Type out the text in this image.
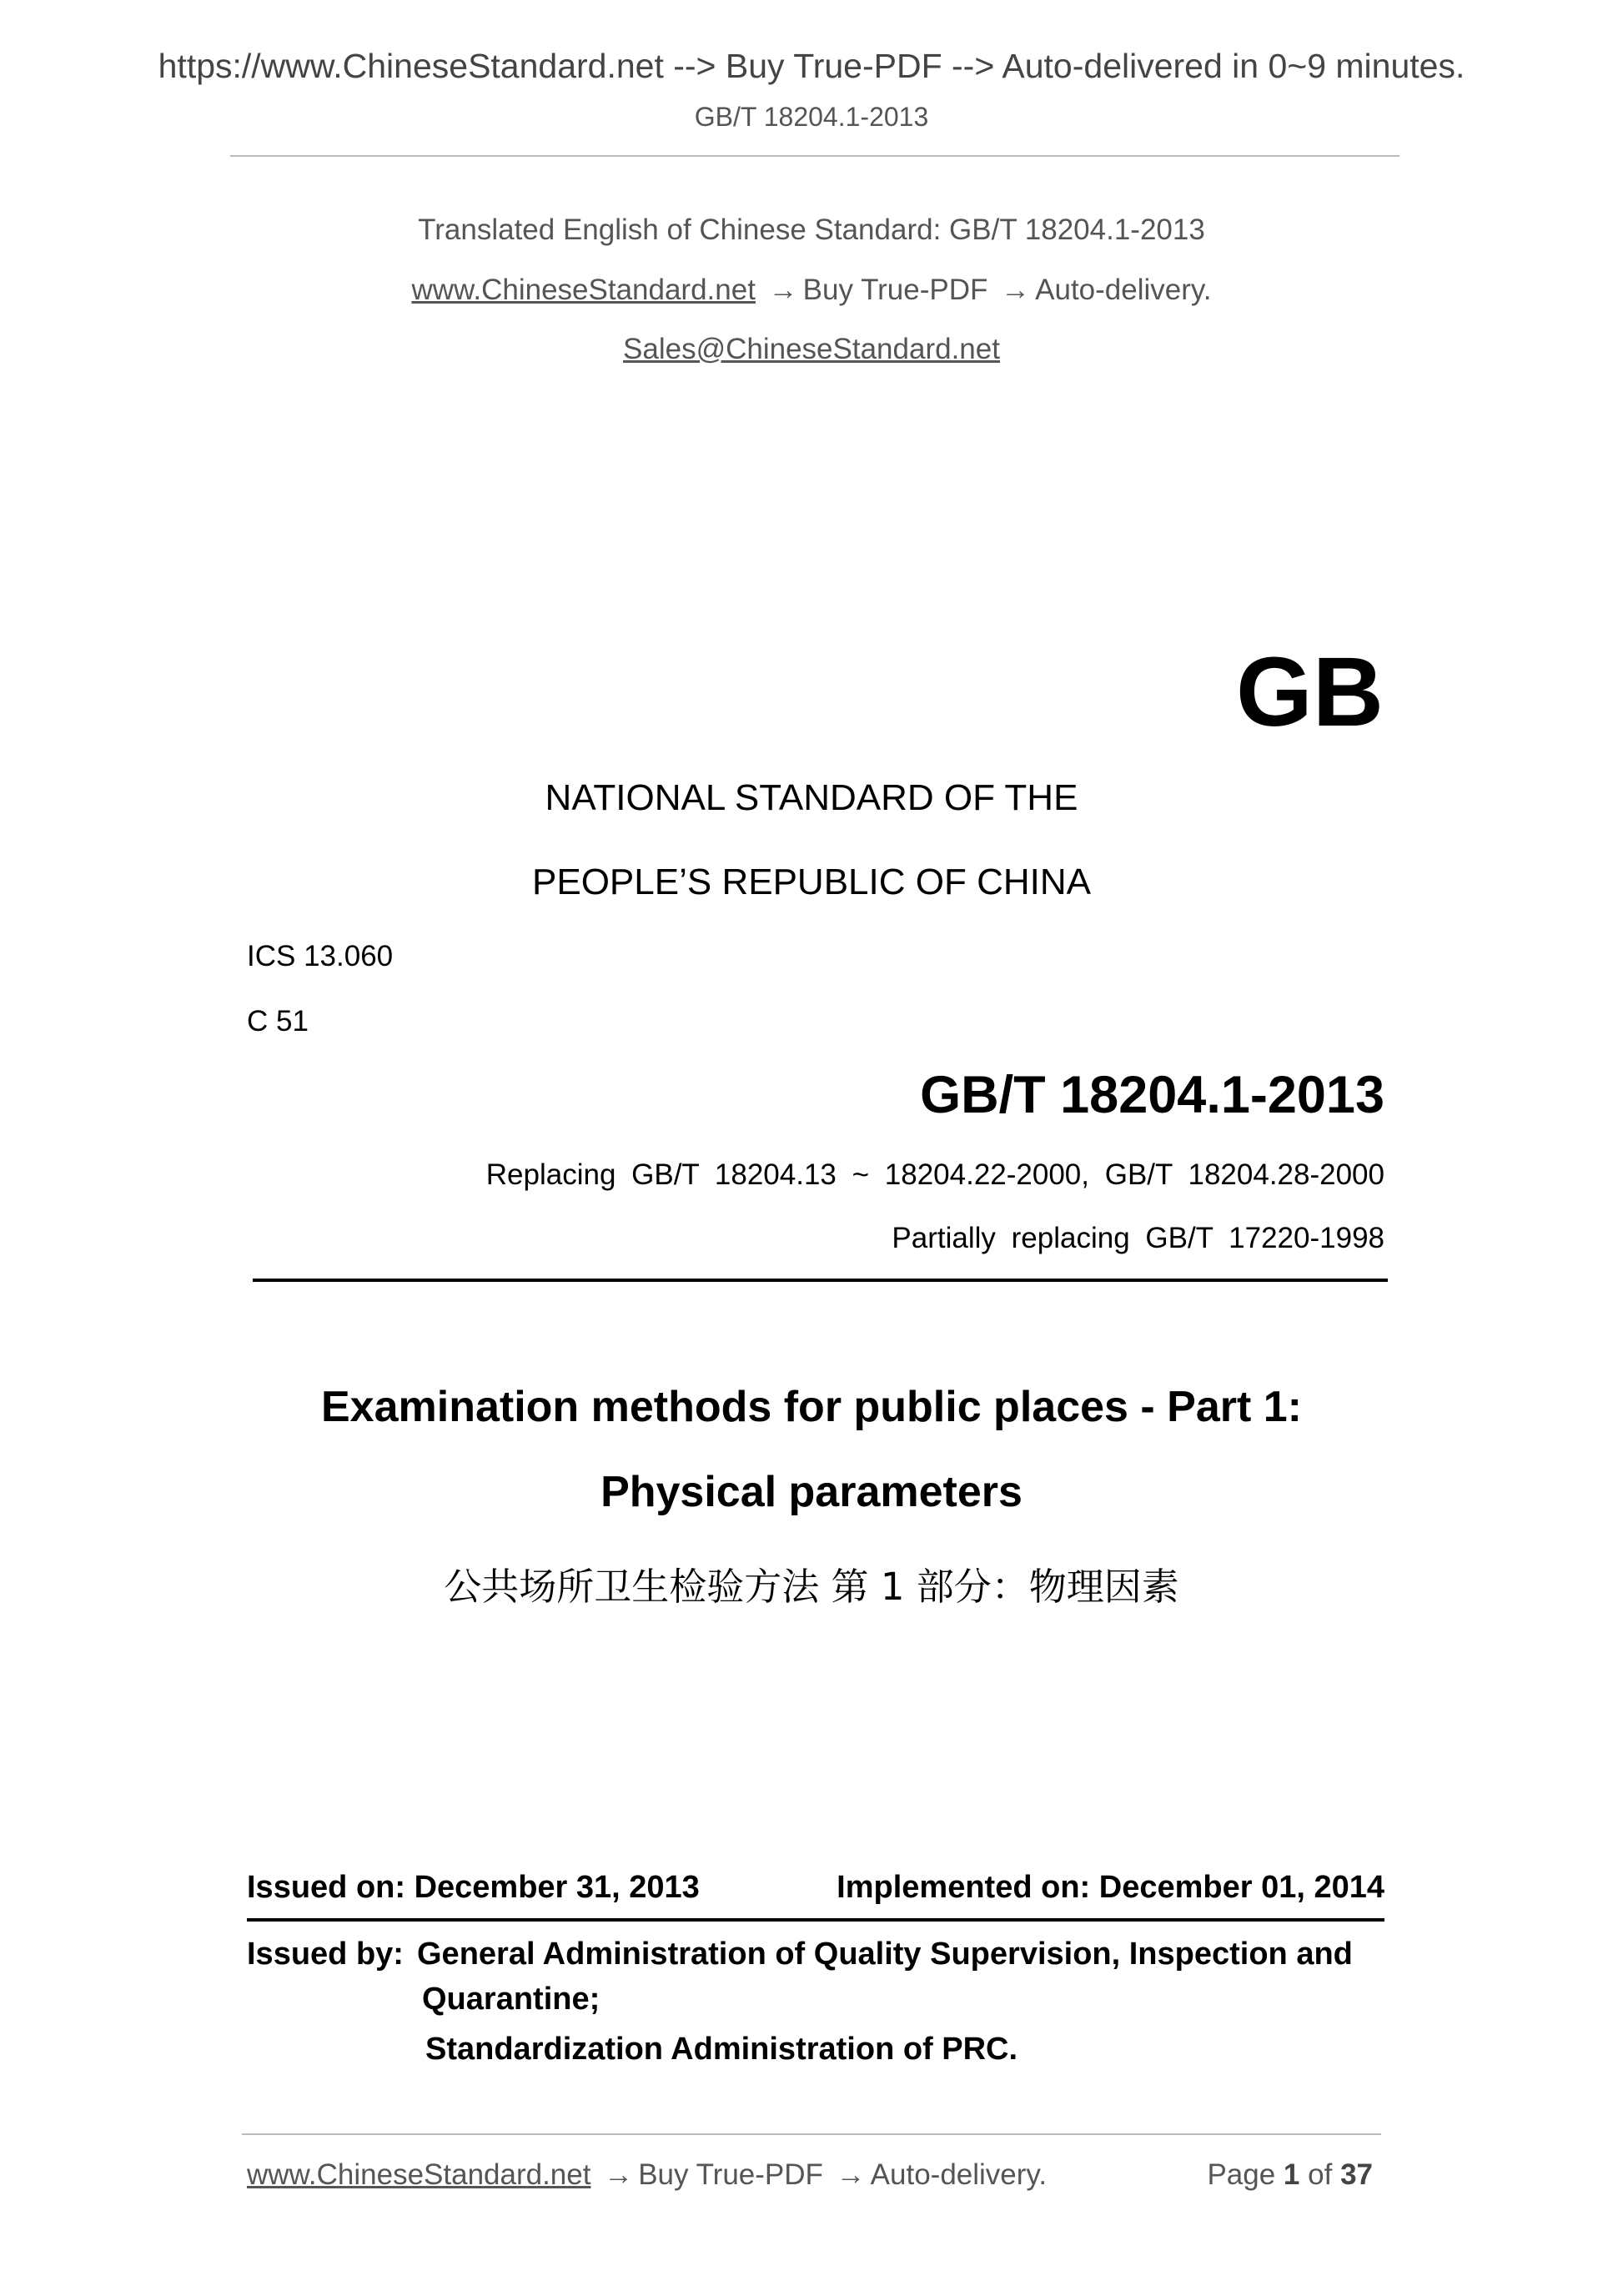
https://www.ChineseStandard.net --> Buy True-PDF --> Auto-delivered in 0~9 minutes.
GB/T 18204.1-2013
Translated English of Chinese Standard: GB/T 18204.1-2013
www.ChineseStandard.net → Buy True-PDF → Auto-delivery.
Sales@ChineseStandard.net
GB
NATIONAL STANDARD OF THE
PEOPLE’S REPUBLIC OF CHINA
ICS 13.060
C 51
GB/T 18204.1-2013
Replacing GB/T 18204.13 ~ 18204.22-2000, GB/T 18204.28-2000
Partially replacing GB/T 17220-1998
Examination methods for public places - Part 1:
Physical parameters
公共场所卫生检验方法 第 1 部分：物理因素
Issued on: December 31, 2013	Implemented on: December 01, 2014
Issued by: General Administration of Quality Supervision, Inspection and
Quarantine;
Standardization Administration of PRC.
www.ChineseStandard.net → Buy True-PDF → Auto-delivery.	Page 1 of 37
